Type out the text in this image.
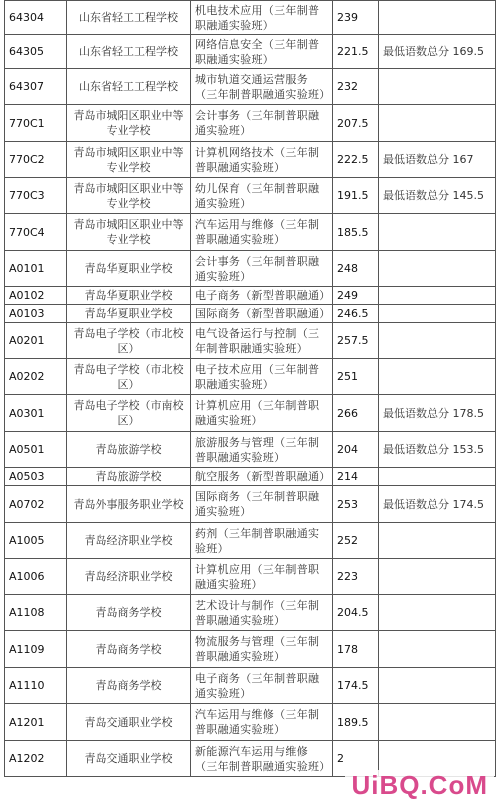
64304	山东省轻工工程学校	机电技术应用（三年制普职融通实验班）	239	
64305	山东省轻工工程学校	网络信息安全（三年制普职融通实验班）	221.5	最低语数总分 169.5
64307	山东省轻工工程学校	城市轨道交通运营服务（三年制普职融通实验班）	232	
770C1	青岛市城阳区职业中等专业学校	会计事务（三年制普职融通实验班）	207.5	
770C2	青岛市城阳区职业中等专业学校	计算机网络技术（三年制普职融通实验班）	222.5	最低语数总分 167
770C3	青岛市城阳区职业中等专业学校	幼儿保育（三年制普职融通实验班）	191.5	最低语数总分 145.5
770C4	青岛市城阳区职业中等专业学校	汽车运用与维修（三年制普职融通实验班）	185.5	
A0101	青岛华夏职业学校	会计事务（三年制普职融通实验班）	248	
A0102	青岛华夏职业学校	电子商务（新型普职融通）	249	
A0103	青岛华夏职业学校	国际商务（新型普职融通）	246.5	
A0201	青岛电子学校（市北校区）	电气设备运行与控制（三年制普职融通实验班）	257.5	
A0202	青岛电子学校（市北校区）	电子技术应用（三年制普职融通实验班）	251	
A0301	青岛电子学校（市南校区）	计算机应用（三年制普职融通实验班）	266	最低语数总分 178.5
A0501	青岛旅游学校	旅游服务与管理（三年制普职融通实验班）	204	最低语数总分 153.5
A0503	青岛旅游学校	航空服务（新型普职融通）	214	
A0702	青岛外事服务职业学校	国际商务（三年制普职融通实验班）	253	最低语数总分 174.5
A1005	青岛经济职业学校	药剂（三年制普职融通实验班）	252	
A1006	青岛经济职业学校	计算机应用（三年制普职融通实验班）	223	
A1108	青岛商务学校	艺术设计与制作（三年制普职融通实验班）	204.5	
A1109	青岛商务学校	物流服务与管理（三年制普职融通实验班）	178	
A1110	青岛商务学校	电子商务（三年制普职融通实验班）	174.5	
A1201	青岛交通职业学校	汽车运用与维修（三年制普职融通实验班）	189.5	
A1202	青岛交通职业学校	新能源汽车运用与维修（三年制普职融通实验班）	2	
UiBQ.CoM
